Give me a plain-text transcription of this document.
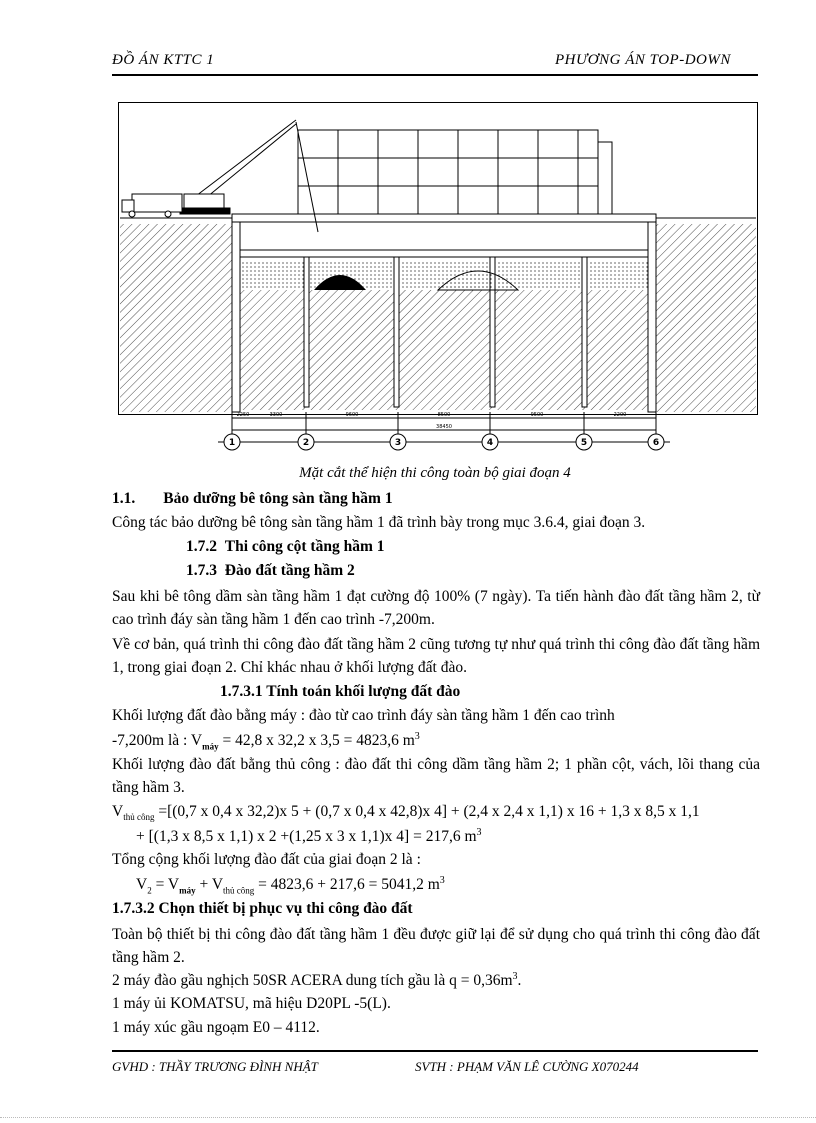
ĐỒ ÁN KTTC 1	PHƯƠNG ÁN TOP-DOWN
2250	3300	9600	8500	9500	2200
38450
1	2	3	4	5	6
Mặt cắt thể hiện thi công toàn bộ giai đoạn 4
1.1. Bảo dưỡng bê tông sàn tầng hầm 1
Công tác bảo dưỡng bê tông sàn tầng hầm 1 đã trình bày trong mục 3.6.4, giai đoạn 3.
1.7.2 Thi công cột tầng hầm 1
1.7.3 Đào đất tầng hầm 2
Sau khi bê tông dầm sàn tầng hầm 1 đạt cường độ 100% (7 ngày). Ta tiến hành đào đất tầng hầm 2, từ cao trình đáy sàn tầng hầm 1 đến cao trình -7,200m.
Về cơ bản, quá trình thi công đào đất tầng hầm 2 cũng tương tự như quá trình thi công đào đất tầng hầm 1, trong giai đoạn 2. Chỉ khác nhau ở khối lượng đất đào.
1.7.3.1 Tính toán khối lượng đất đào
Khối lượng đất đào bằng máy : đào từ cao trình đáy sàn tầng hầm 1 đến cao trình
-7,200m là : $V_{máy} = 42,8$ x 32,2 x 3,5 = 4823,6 $m^3$
Khối lượng đào đất bằng thủ công : đào đất thi công dầm tầng hầm 2; 1 phần cột, vách, lõi thang của tầng hầm 3.
$V_{thủ công} =[(0,7$ x 0,4 x 32,2)x 5 + (0,7 x 0,4 x 42,8)x 4] + (2,4 x 2,4 x 1,1) x 16 + 1,3 x 8,5 x 1,1
+ [(1,3 x 8,5 x 1,1) x 2 +(1,25 x 3 x 1,1)x 4] = 217,6 $m^3$
Tổng cộng khối lượng đào đất của giai đoạn 2 là :
$V_2 = V_{máy} + V_{thủ công} = 4823,6 + 217,6 = 5041,2$ $m^3$
1.7.3.2 Chọn thiết bị phục vụ thi công đào đất
Toàn bộ thiết bị thi công đào đất tầng hầm 1 đều được giữ lại để sử dụng cho quá trình thi công đào đất tầng hầm 2.
2 máy đào gầu nghịch 50SR ACERA dung tích gầu là $q = 0,36m^3$.
1 máy ủi KOMATSU, mã hiệu D20PL -5(L).
1 máy xúc gầu ngoạm E0 – 4112.
GVHD : THẦY TRƯƠNG ĐÌNH NHẬT	SVTH : PHẠM VĂN LÊ CƯỜNG X070244
